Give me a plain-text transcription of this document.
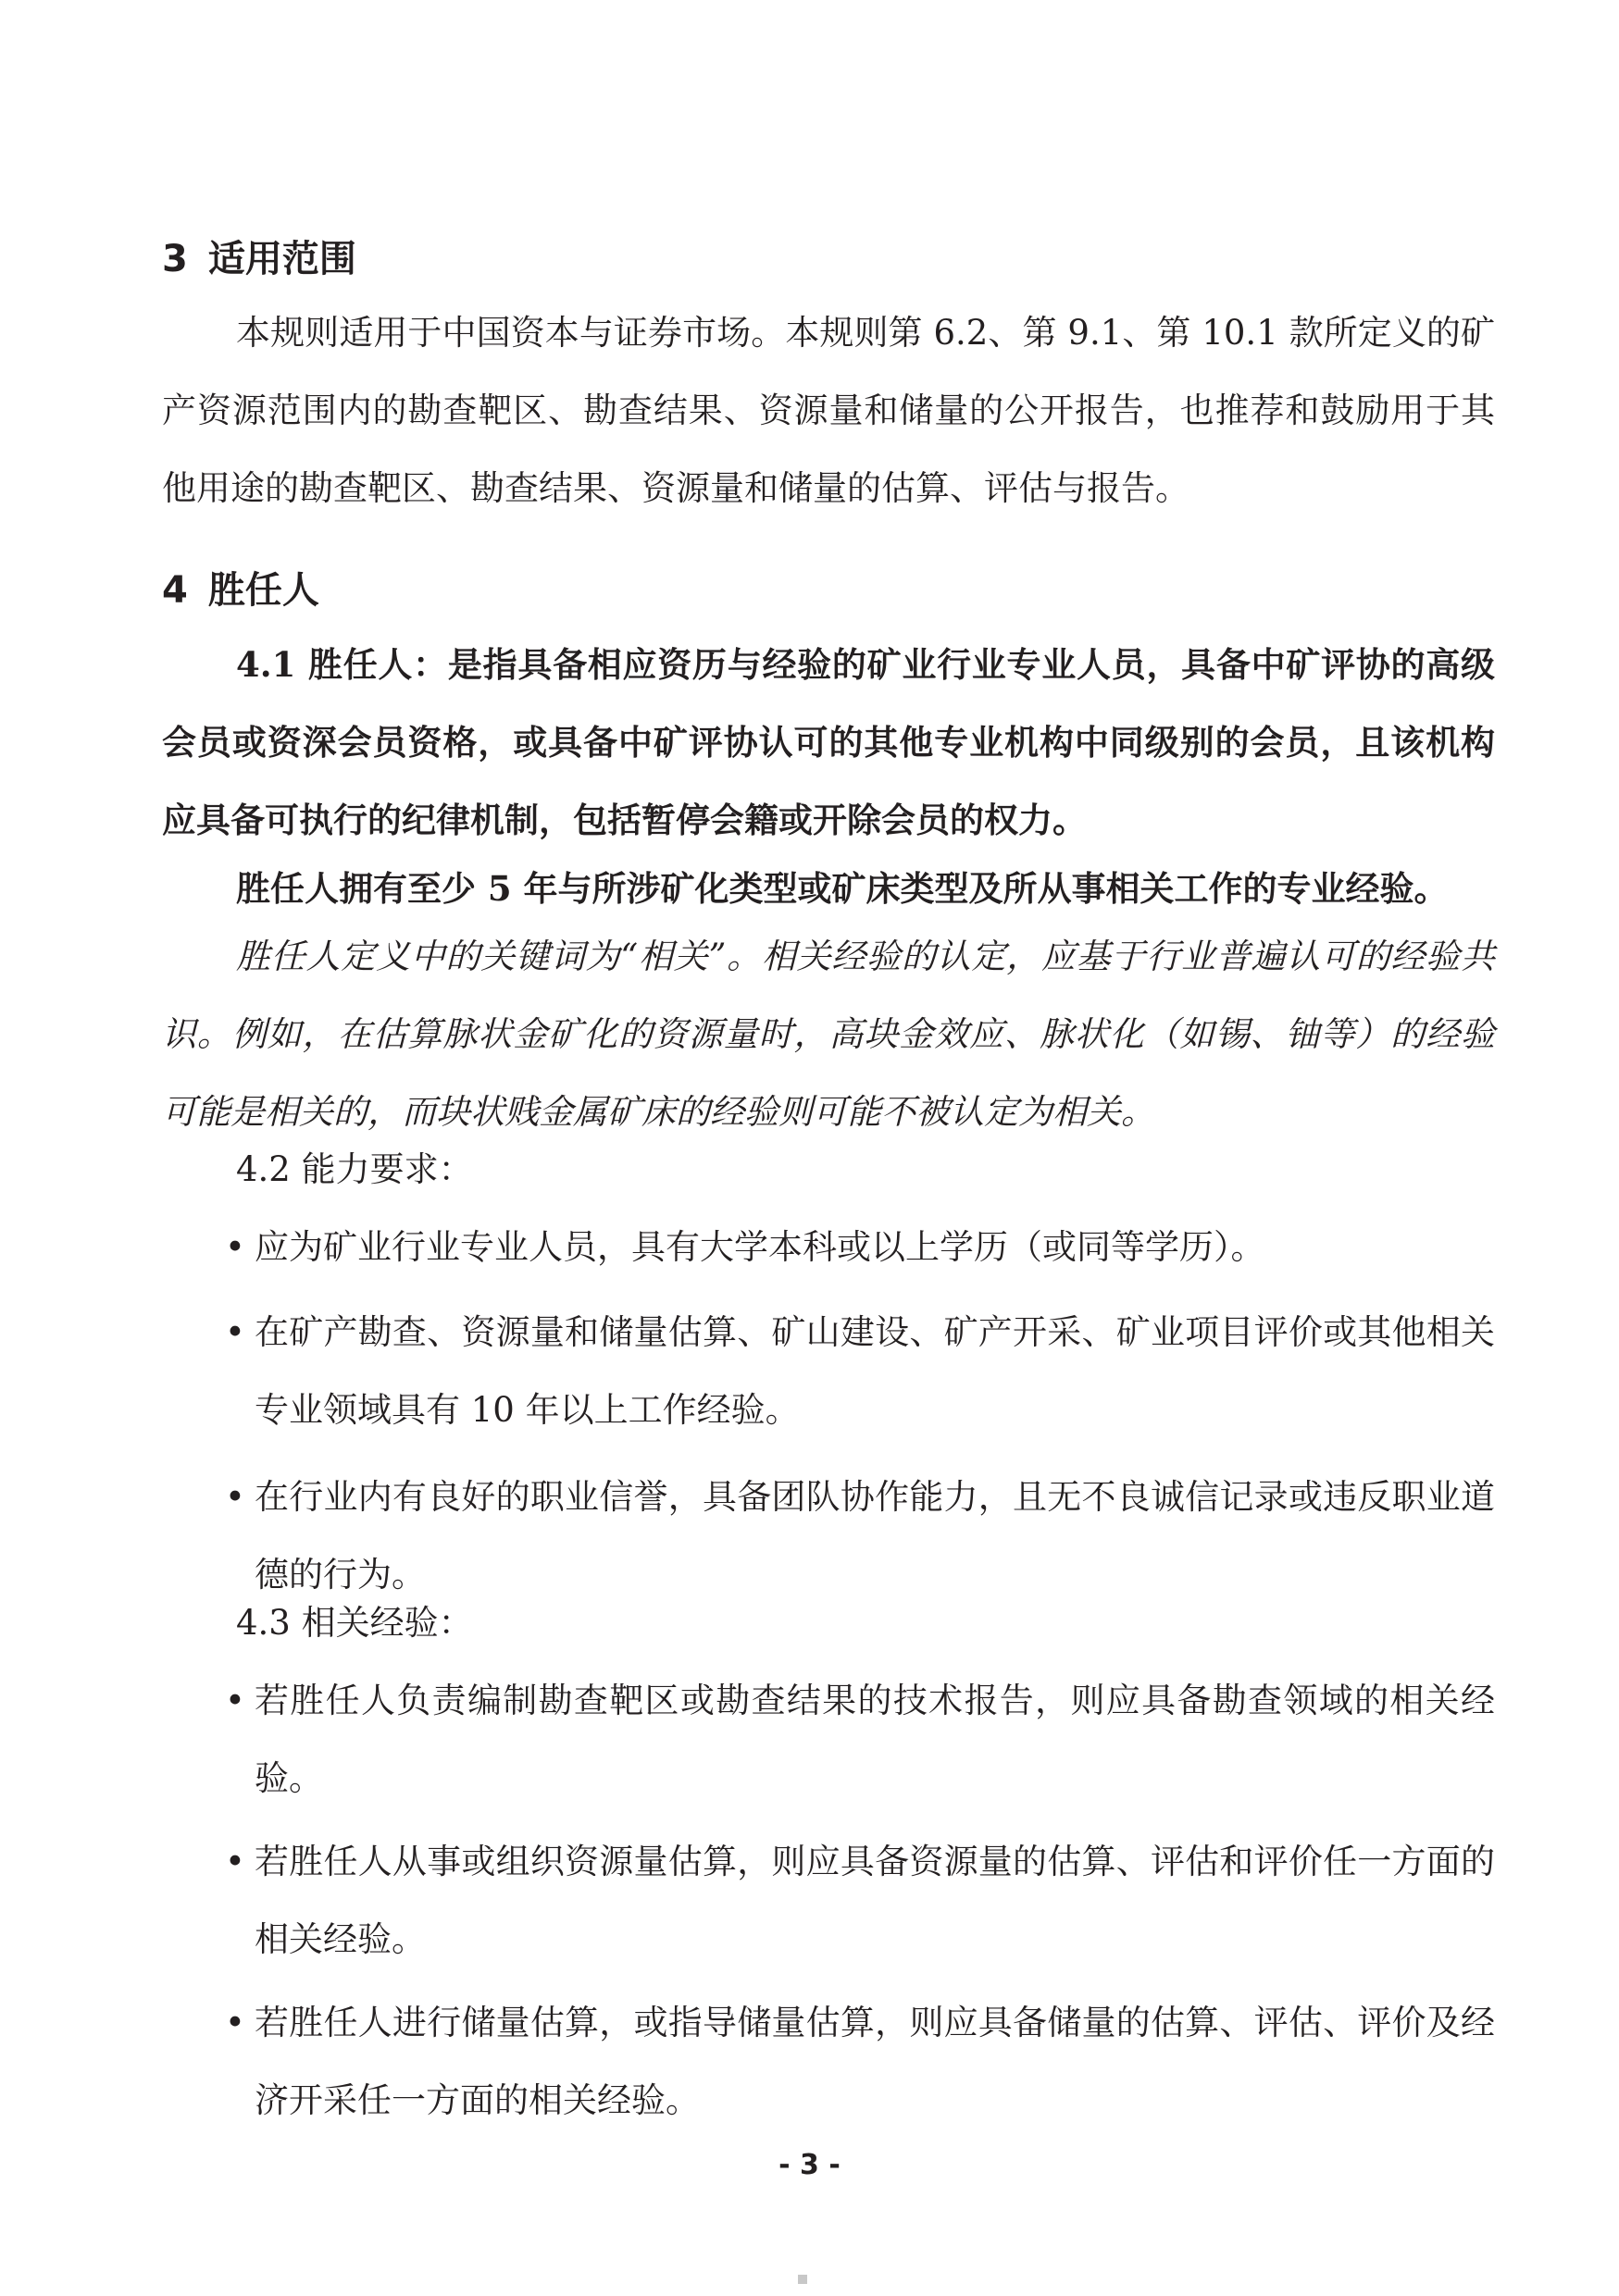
3 适用范围

本规则适用于中国资本与证券市场。本规则第 6.2、第 9.1、第 10.1 款所定义的矿产资源范围内的勘查靶区、勘查结果、资源量和储量的公开报告，也推荐和鼓励用于其他用途的勘查靶区、勘查结果、资源量和储量的估算、评估与报告。

4 胜任人

4.1 胜任人：是指具备相应资历与经验的矿业行业专业人员，具备中矿评协的高级会员或资深会员资格，或具备中矿评协认可的其他专业机构中同级别的会员，且该机构应具备可执行的纪律机制，包括暂停会籍或开除会员的权力。

胜任人拥有至少 5 年与所涉矿化类型或矿床类型及所从事相关工作的专业经验。

胜任人定义中的关键词为“相关”。相关经验的认定，应基于行业普遍认可的经验共识。例如，在估算脉状金矿化的资源量时，高块金效应、脉状化（如锡、铀等）的经验可能是相关的，而块状贱金属矿床的经验则可能不被认定为相关。

4.2 能力要求：

• 应为矿业行业专业人员，具有大学本科或以上学历（或同等学历）。
• 在矿产勘查、资源量和储量估算、矿山建设、矿产开采、矿业项目评价或其他相关专业领域具有 10 年以上工作经验。
• 在行业内有良好的职业信誉，具备团队协作能力，且无不良诚信记录或违反职业道德的行为。

4.3 相关经验：

• 若胜任人负责编制勘查靶区或勘查结果的技术报告，则应具备勘查领域的相关经验。
• 若胜任人从事或组织资源量估算，则应具备资源量的估算、评估和评价任一方面的相关经验。
• 若胜任人进行储量估算，或指导储量估算，则应具备储量的估算、评估、评价及经济开采任一方面的相关经验。
- 3 -
